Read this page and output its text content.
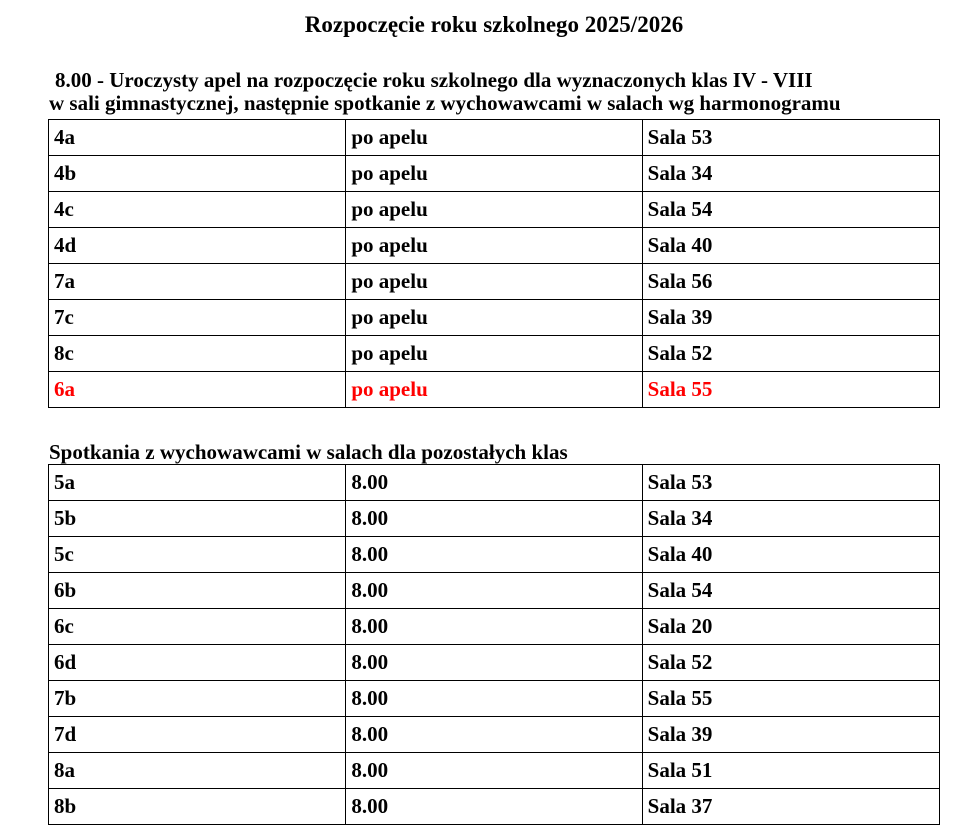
Rozpoczęcie roku szkolnego 2025/2026
8.00 - Uroczysty apel na rozpoczęcie roku szkolnego dla wyznaczonych klas IV - VIII
w sali gimnastycznej, następnie spotkanie z wychowawcami w salach wg harmonogramu
4a	po apelu	Sala 53
4b	po apelu	Sala 34
4c	po apelu	Sala 54
4d	po apelu	Sala 40
7a	po apelu	Sala 56
7c	po apelu	Sala 39
8c	po apelu	Sala 52
6a	po apelu	Sala 55
Spotkania z wychowawcami w salach dla pozostałych klas
5a	8.00	Sala 53
5b	8.00	Sala 34
5c	8.00	Sala 40
6b	8.00	Sala 54
6c	8.00	Sala 20
6d	8.00	Sala 52
7b	8.00	Sala 55
7d	8.00	Sala 39
8a	8.00	Sala 51
8b	8.00	Sala 37
